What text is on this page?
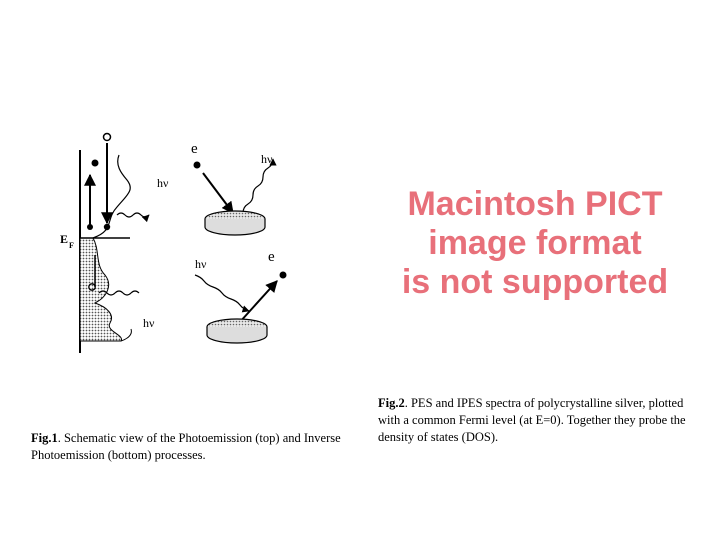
E F
hν
hν
e
hν
hν	e
Macintosh PICT
image format
is not supported
Fig.1. Schematic view of the Photoemission (top) and Inverse Photoemission (bottom) processes.
Fig.2. PES and IPES spectra of polycrystalline silver, plotted with a common Fermi level (at E=0). Together they probe the density of states (DOS).
